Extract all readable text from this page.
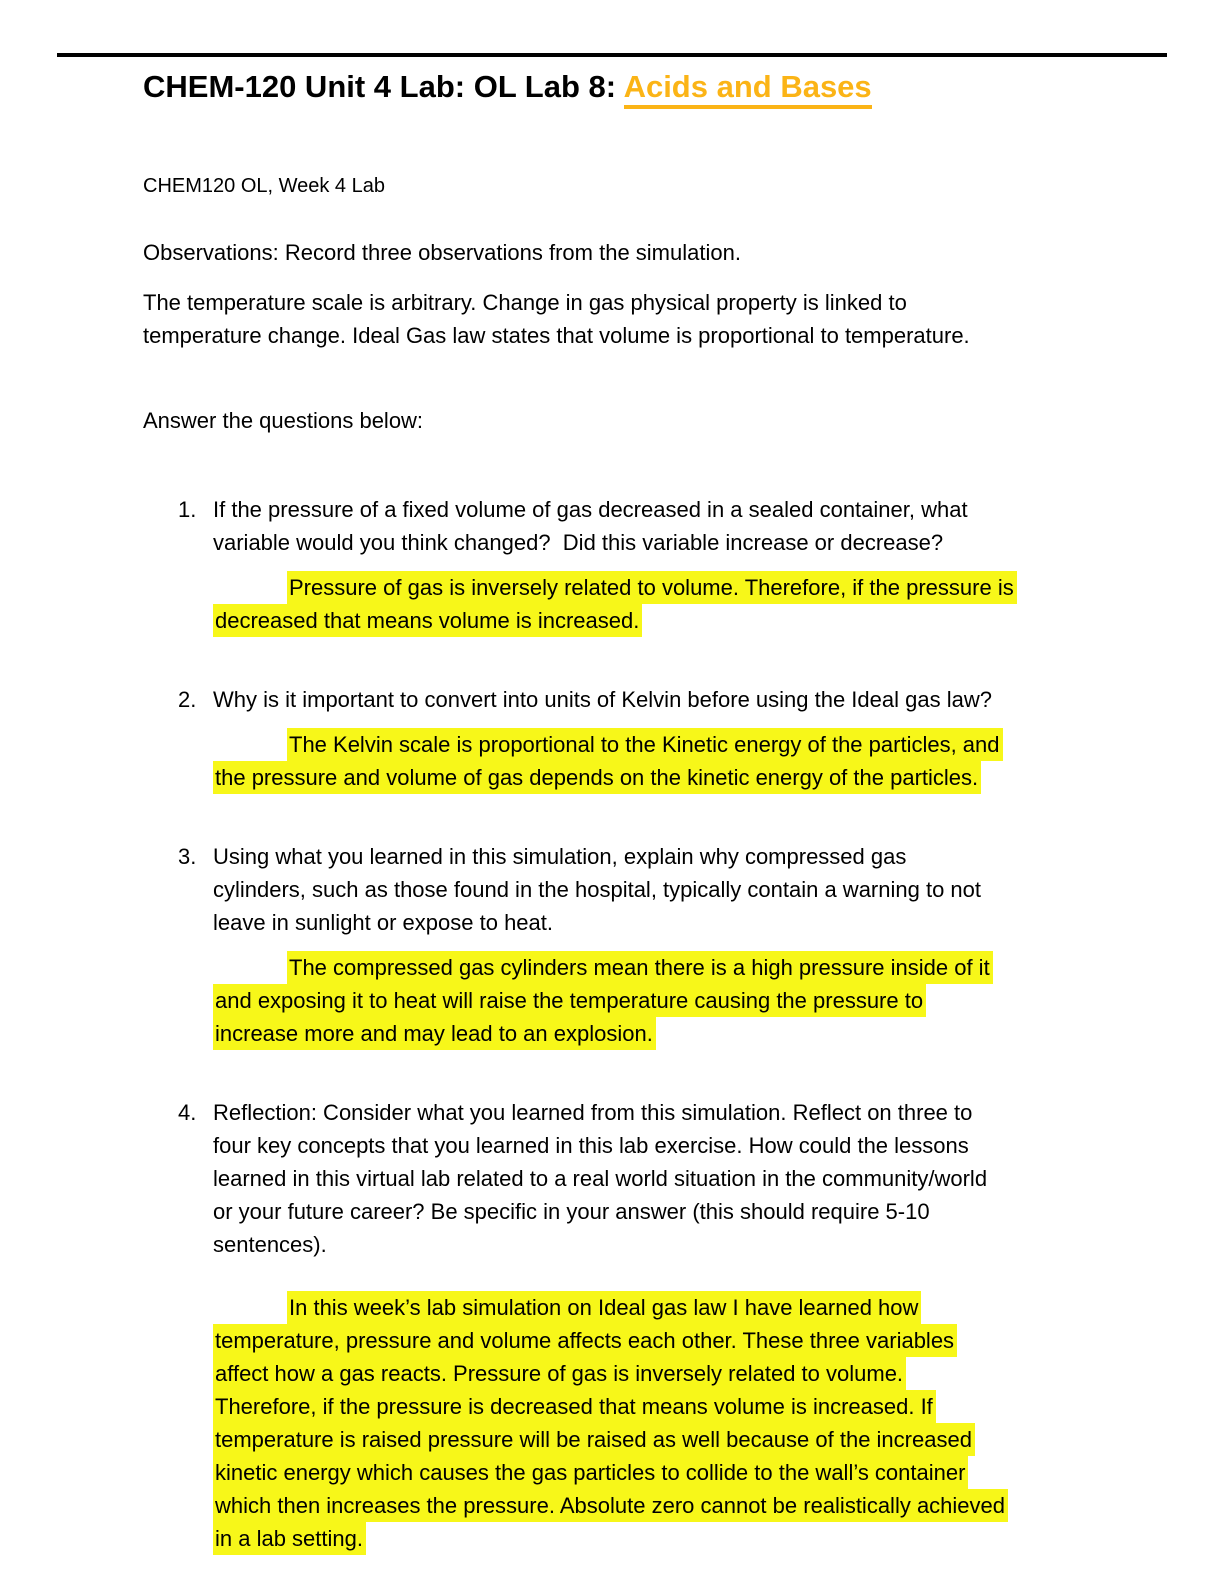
CHEM-120 Unit 4 Lab: OL Lab 8: Acids and Bases
CHEM120 OL, Week 4 Lab
Observations: Record three observations from the simulation.
The temperature scale is arbitrary. Change in gas physical property is linked to
temperature change. Ideal Gas law states that volume is proportional to temperature.
Answer the questions below:
1. If the pressure of a fixed volume of gas decreased in a sealed container, what
variable would you think changed?  Did this variable increase or decrease?
Pressure of gas is inversely related to volume. Therefore, if the pressure is
decreased that means volume is increased.
2. Why is it important to convert into units of Kelvin before using the Ideal gas law?
The Kelvin scale is proportional to the Kinetic energy of the particles, and
the pressure and volume of gas depends on the kinetic energy of the particles.
3. Using what you learned in this simulation, explain why compressed gas
cylinders, such as those found in the hospital, typically contain a warning to not
leave in sunlight or expose to heat.
The compressed gas cylinders mean there is a high pressure inside of it
and exposing it to heat will raise the temperature causing the pressure to
increase more and may lead to an explosion.
4. Reflection: Consider what you learned from this simulation. Reflect on three to
four key concepts that you learned in this lab exercise. How could the lessons
learned in this virtual lab related to a real world situation in the community/world
or your future career? Be specific in your answer (this should require 5-10
sentences).
In this week’s lab simulation on Ideal gas law I have learned how
temperature, pressure and volume affects each other. These three variables
affect how a gas reacts. Pressure of gas is inversely related to volume.
Therefore, if the pressure is decreased that means volume is increased. If
temperature is raised pressure will be raised as well because of the increased
kinetic energy which causes the gas particles to collide to the wall’s container
which then increases the pressure. Absolute zero cannot be realistically achieved
in a lab setting.
